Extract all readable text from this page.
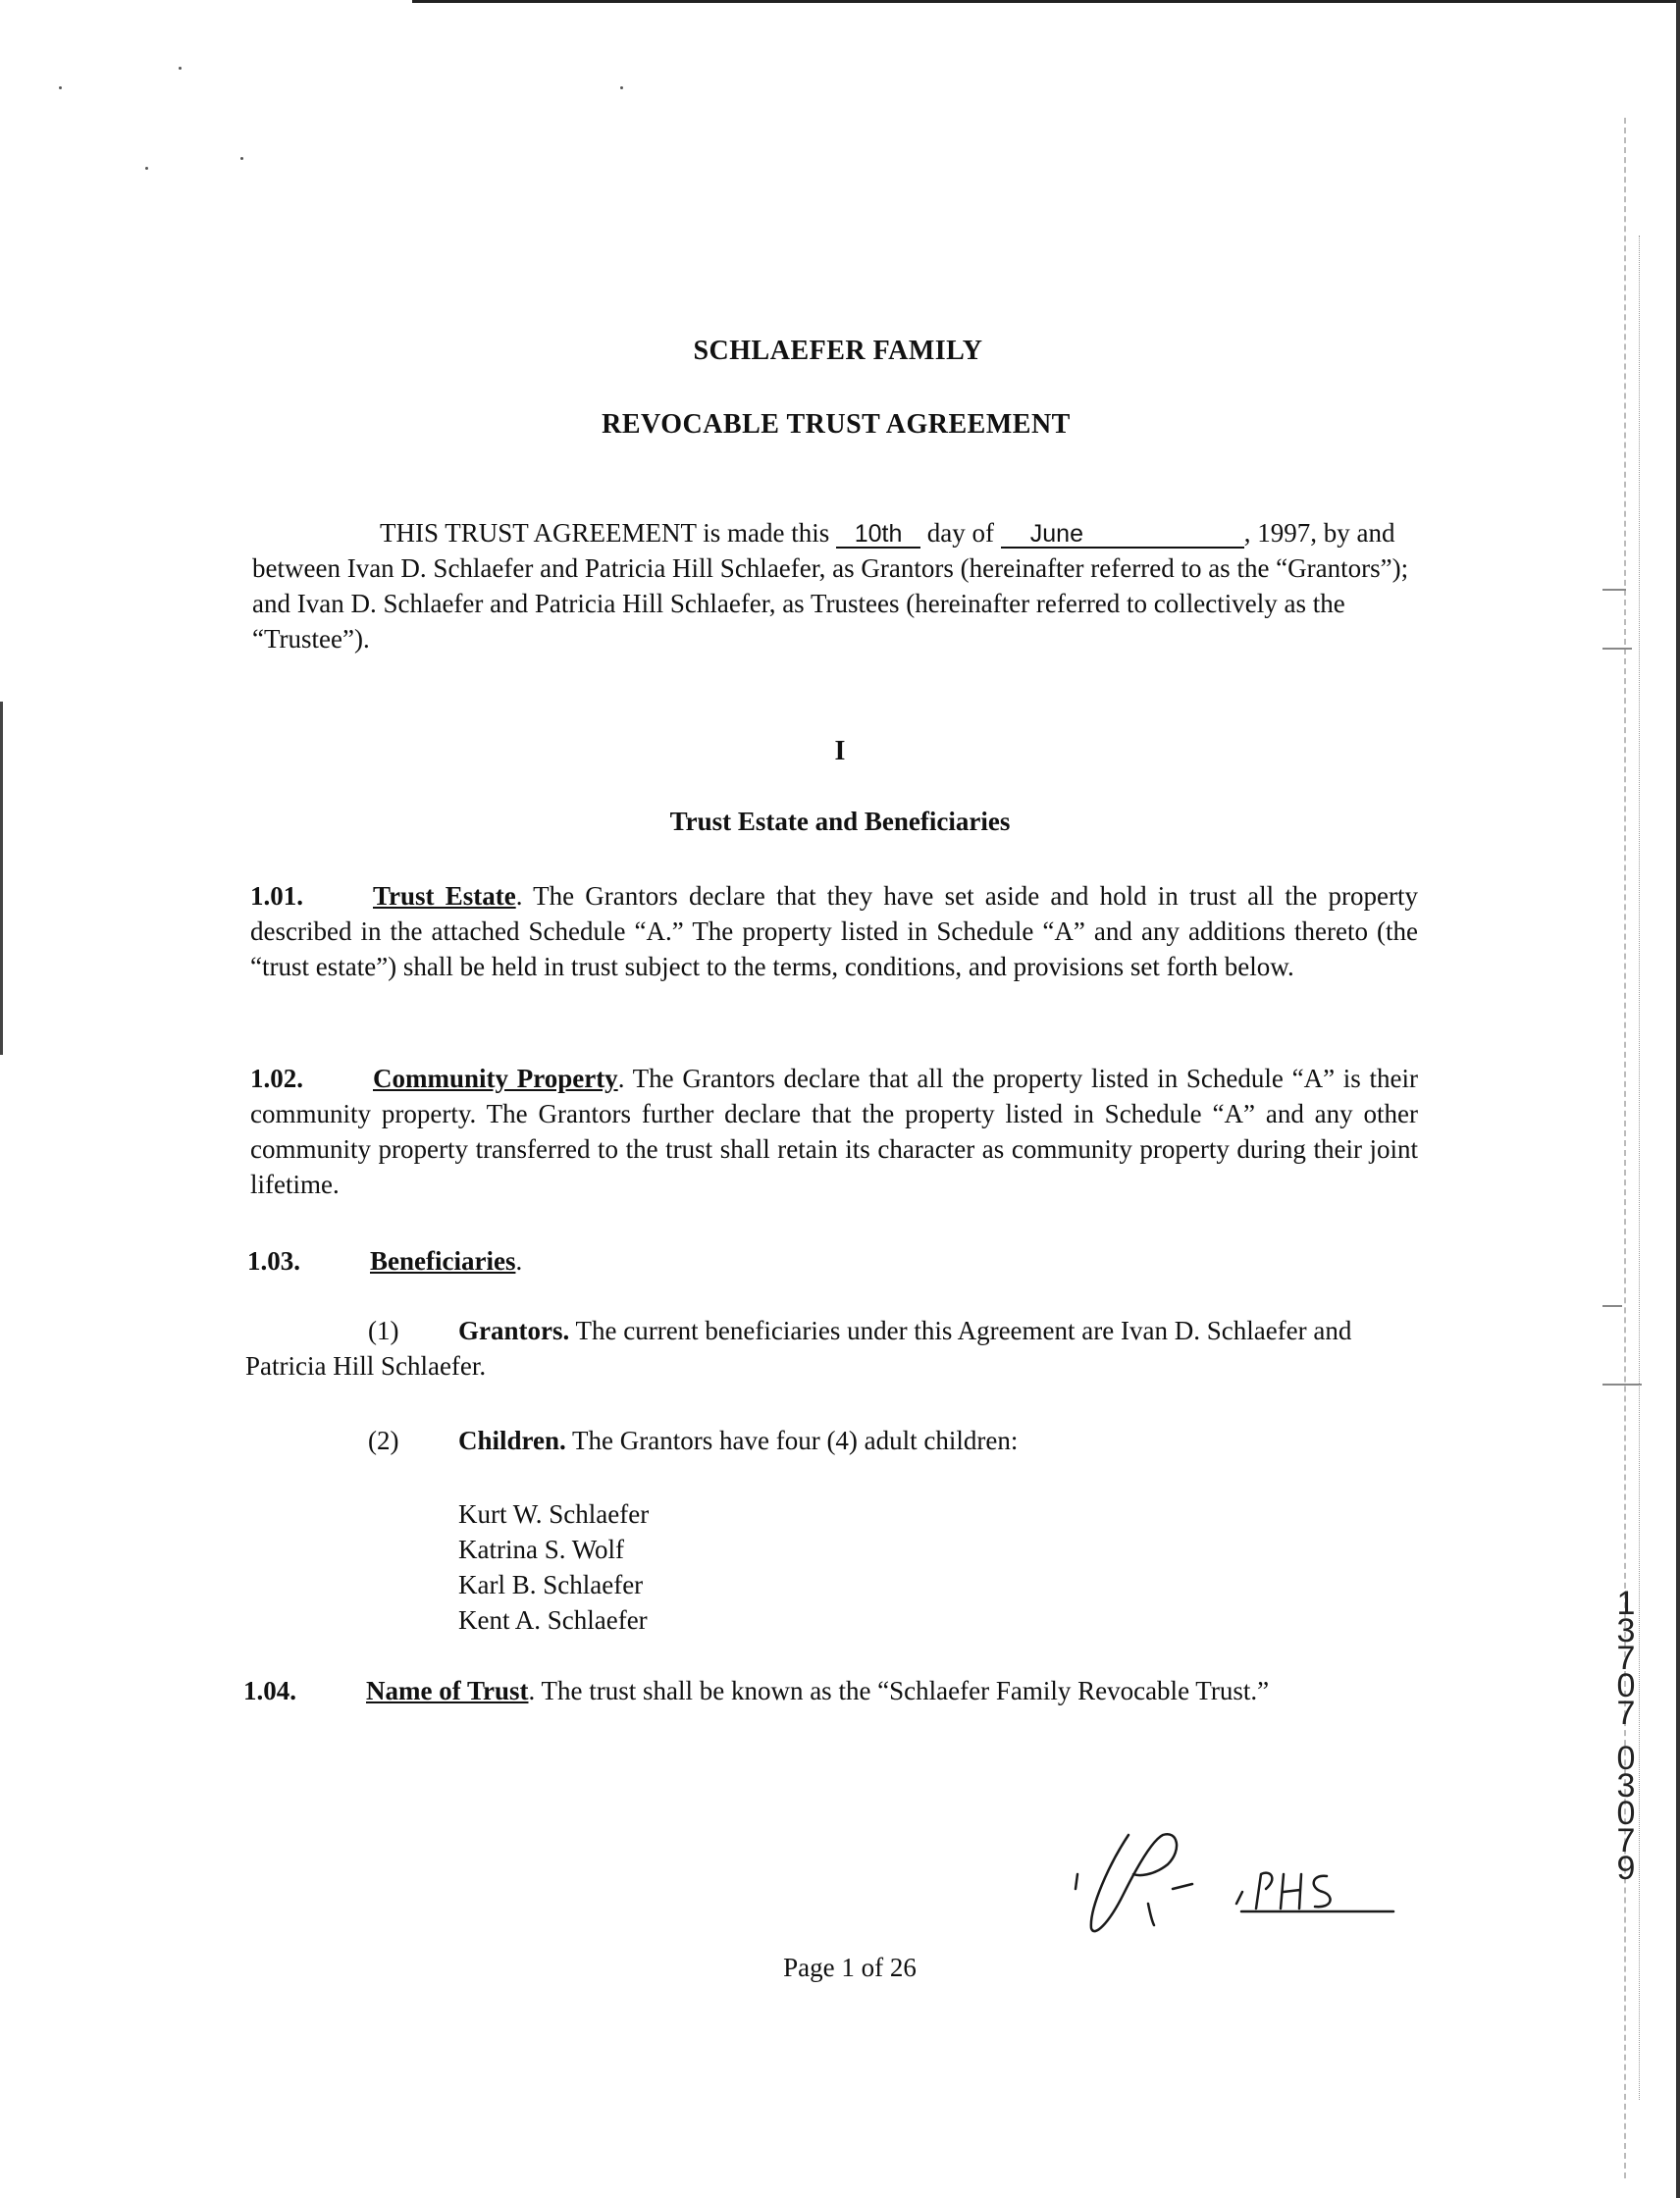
SCHLAEFER FAMILY
REVOCABLE TRUST AGREEMENT
THIS TRUST AGREEMENT is made this 10th day of June	, 1997, by and between Ivan D. Schlaefer and Patricia Hill Schlaefer, as Grantors (hereinafter referred to as the “Grantors”); and Ivan D. Schlaefer and Patricia Hill Schlaefer, as Trustees (hereinafter referred to collectively as the “Trustee”).
I
Trust Estate and Beneficiaries
1.01.	Trust Estate. The Grantors declare that they have set aside and hold in trust all the property described in the attached Schedule “A.” The property listed in Schedule “A” and any additions thereto (the “trust estate”) shall be held in trust subject to the terms, conditions, and provisions set forth below.
1.02.	Community Property. The Grantors declare that all the property listed in Schedule “A” is their community property. The Grantors further declare that the property listed in Schedule “A” and any other community property transferred to the trust shall retain its character as community property during their joint lifetime.
1.03.	Beneficiaries.
(1) Grantors. The current beneficiaries under this Agreement are Ivan D. Schlaefer and Patricia Hill Schlaefer.
(2) Children. The Grantors have four (4) adult children:
Kurt W. Schlaefer
Katrina S. Wolf
Karl B. Schlaefer
Kent A. Schlaefer
1.04.	Name of Trust. The trust shall be known as the “Schlaefer Family Revocable Trust.”
1
3
7
0
7
0
3
0
7
9
Page 1 of 26
